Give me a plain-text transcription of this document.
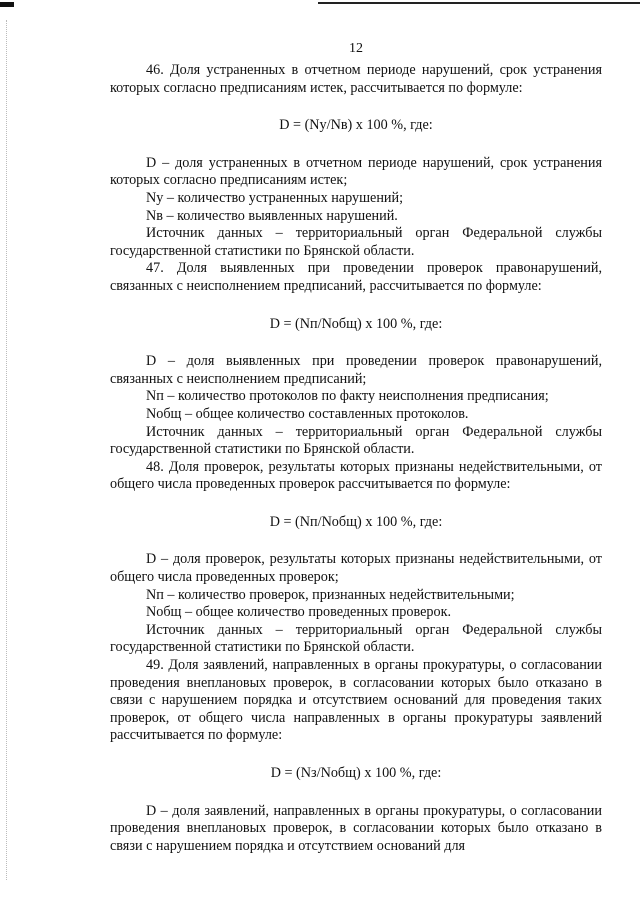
12

46. Доля устраненных в отчетном периоде нарушений, срок устранения которых согласно предписаниям истек, рассчитывается по формуле:

D = (Ny/Nв) x 100 %, где:

D – доля устраненных в отчетном периоде нарушений, срок устранения которых согласно предписаниям истек;

Ny – количество устраненных нарушений;

Nв – количество выявленных нарушений.

Источник данных – территориальный орган Федеральной службы государственной статистики по Брянской области.

47. Доля выявленных при проведении проверок правонарушений, связанных с неисполнением предписаний, рассчитывается по формуле:

D = (Nп/Nобщ) x 100 %, где:

D – доля выявленных при проведении проверок правонарушений, связанных с неисполнением предписаний;

Nп – количество протоколов по факту неисполнения предписания;

Nобщ – общее количество составленных протоколов.

Источник данных – территориальный орган Федеральной службы государственной статистики по Брянской области.

48. Доля проверок, результаты которых признаны недействительными, от общего числа проведенных проверок рассчитывается по формуле:

D = (Nп/Nобщ) x 100 %, где:

D – доля проверок, результаты которых признаны недействительными, от общего числа проведенных проверок;

Nп – количество проверок, признанных недействительными;

Nобщ – общее количество проведенных проверок.

Источник данных – территориальный орган Федеральной службы государственной статистики по Брянской области.

49. Доля заявлений, направленных в органы прокуратуры, о согласовании проведения внеплановых проверок, в согласовании которых было отказано в связи с нарушением порядка и отсутствием оснований для проведения таких проверок, от общего числа направленных в органы прокуратуры заявлений рассчитывается по формуле:

D = (Nз/Nобщ) x 100 %, где:

D – доля заявлений, направленных в органы прокуратуры, о согласовании проведения внеплановых проверок, в согласовании которых было отказано в связи с нарушением порядка и отсутствием оснований для
